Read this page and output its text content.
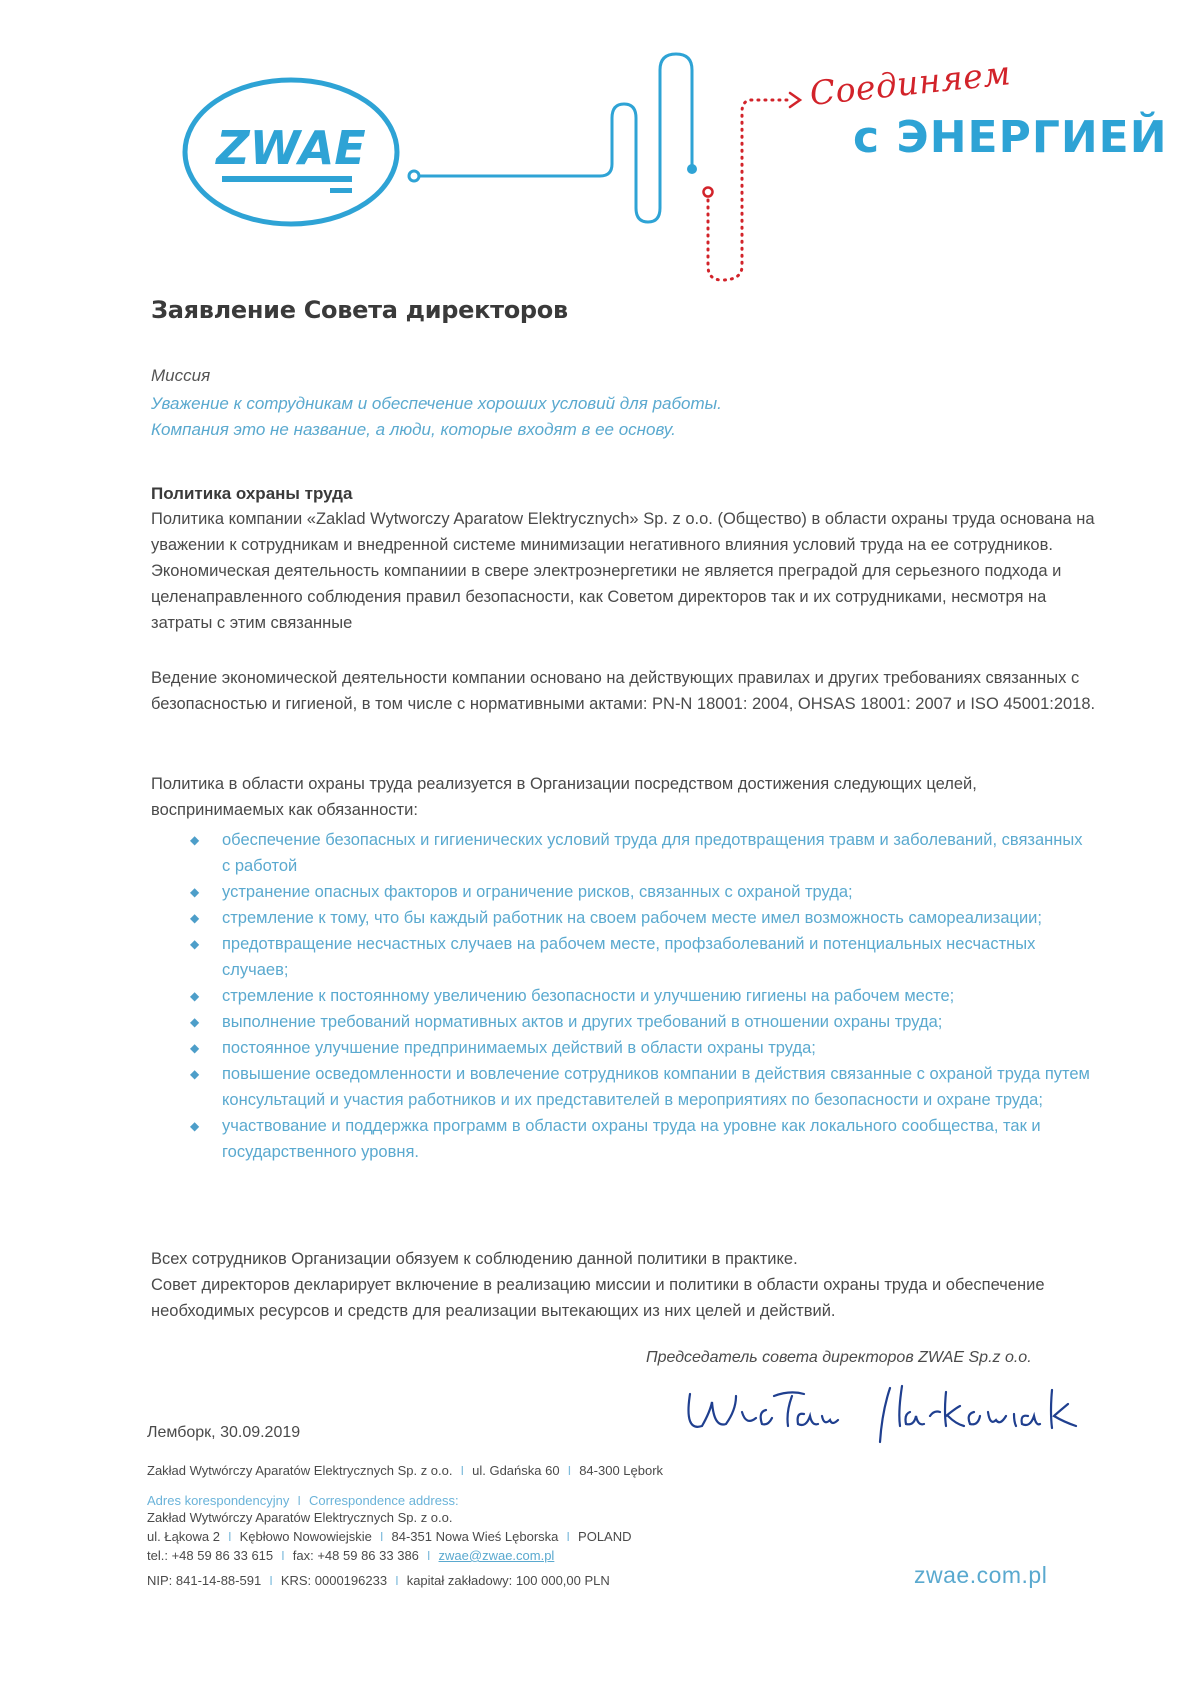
ZWAE
Соединяем
с ЭНЕРГИЕЙ
Заявление Совета директоров
Миссия
Уважение к сотрудникам и обеспечение хороших условий для работы.
Компания это не название, а люди, которые входят в ее основу.
Политика охраны труда

Политика компании «Zaklad Wytworczy Aparatow Elektrycznych» Sp. z o.o. (Общество) в области охраны труда основана на уважении к сотрудникам и внедренной системе минимизации негативного влияния условий труда на ее сотрудников. Экономическая деятельность компаниии в свере электроэнергетики не является преградой для серьезного подхода и целенаправленного соблюдения правил безопасности, как Советом директоров так и их сотрудниками, несмотря на затраты с этим связанные

Ведение экономической деятельности компании основано на действующих правилах и других требованиях связанных с безопасностью и гигиеной, в том числе с нормативными актами: PN-N 18001: 2004, OHSAS 18001: 2007 и ISO 45001:2018.

Политика в области охраны труда реализуется в Организации посредством достижения следующих целей, воспринимаемых как обязанности:

◆ обеспечение безопасных и гигиенических условий труда для предотвращения травм и заболеваний, связанных с работой
◆ устранение опасных факторов и ограничение рисков, связанных с охраной труда;
◆ стремление к тому, что бы каждый работник на своем рабочем месте имел возможность самореализации;
◆ предотвращение несчастных случаев на рабочем месте, профзаболеваний и потенциальных несчастных случаев;
◆ стремление к постоянному увеличению безопасности и улучшению гигиены на рабочем месте;
◆ выполнение требований нормативных актов и других требований в отношении охраны труда;
◆ постоянное улучшение предпринимаемых действий в области охраны труда;
◆ повышение осведомленности и вовлечение сотрудников компании в действия связанные с охраной труда путем консультаций и участия работников и их представителей в мероприятиях по безопасности и охране труда;
◆ участвование и поддержка программ в области охраны труда на уровне как локального сообщества, так и государственного уровня.

Всех сотрудников Организации обязуем к соблюдению данной политики в практике.

Совет директоров декларирует включение в реализацию миссии и политики в области охраны труда и обеспечение необходимых ресурсов и средств для реализации вытекающих из них целей и действий.

Председатель совета директоров ZWAE Sp.z o.o.
Лемборк, 30.09.2019
Zakład Wytwórczy Aparatów Elektrycznych Sp. z o.o. I ul. Gdańska 60 I 84-300 Lębork
Adres korespondencyjny I Correspondence address:
Zakład Wytwórczy Aparatów Elektrycznych Sp. z o.o.
ul. Łąkowa 2 I Kębłowo Nowowiejskie I 84-351 Nowa Wieś Lęborska I POLAND
tel.: +48 59 86 33 615 I fax: +48 59 86 33 386 I zwae@zwae.com.pl
NIP: 841-14-88-591 I KRS: 0000196233 I kapitał zakładowy: 100 000,00 PLN	zwae.com.pl
